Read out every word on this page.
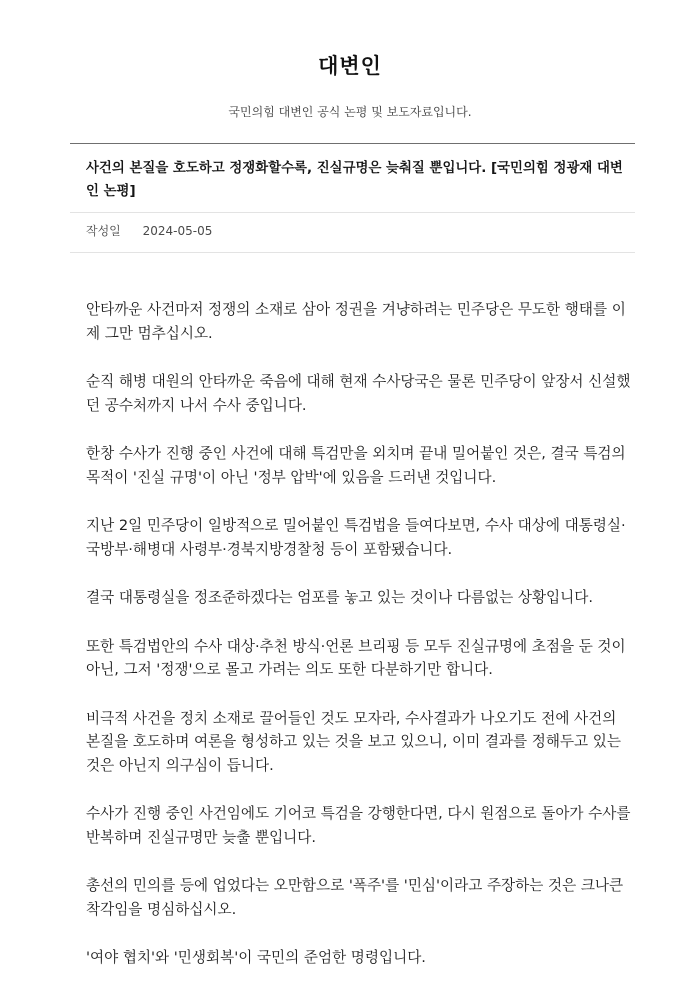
대변인
국민의힘 대변인 공식 논평 및 보도자료입니다.
사건의 본질을 호도하고 정쟁화할수록, 진실규명은 늦춰질 뿐입니다. [국민의힘 정광재 대변인 논평]
작성일 2024-05-05

안타까운 사건마저 정쟁의 소재로 삼아 정권을 겨냥하려는 민주당은 무도한 행태를 이제 그만 멈추십시오.

순직 해병 대원의 안타까운 죽음에 대해 현재 수사당국은 물론 민주당이 앞장서 신설했던 공수처까지 나서 수사 중입니다.

한창 수사가 진행 중인 사건에 대해 특검만을 외치며 끝내 밀어붙인 것은, 결국 특검의 목적이 '진실 규명'이 아닌 '정부 압박'에 있음을 드러낸 것입니다.

지난 2일 민주당이 일방적으로 밀어붙인 특검법을 들여다보면, 수사 대상에 대통령실·국방부·해병대 사령부·경북지방경찰청 등이 포함됐습니다.

결국 대통령실을 정조준하겠다는 엄포를 놓고 있는 것이나 다름없는 상황입니다.

또한 특검법안의 수사 대상·추천 방식·언론 브리핑 등 모두 진실규명에 초점을 둔 것이 아닌, 그저 '정쟁'으로 몰고 가려는 의도 또한 다분하기만 합니다.

비극적 사건을 정치 소재로 끌어들인 것도 모자라, 수사결과가 나오기도 전에 사건의 본질을 호도하며 여론을 형성하고 있는 것을 보고 있으니, 이미 결과를 정해두고 있는 것은 아닌지 의구심이 듭니다.

수사가 진행 중인 사건임에도 기어코 특검을 강행한다면, 다시 원점으로 돌아가 수사를 반복하며 진실규명만 늦출 뿐입니다.

총선의 민의를 등에 업었다는 오만함으로 '폭주'를 '민심'이라고 주장하는 것은 크나큰 착각임을 명심하십시오.

'여야 협치'와 '민생회복'이 국민의 준엄한 명령입니다.
